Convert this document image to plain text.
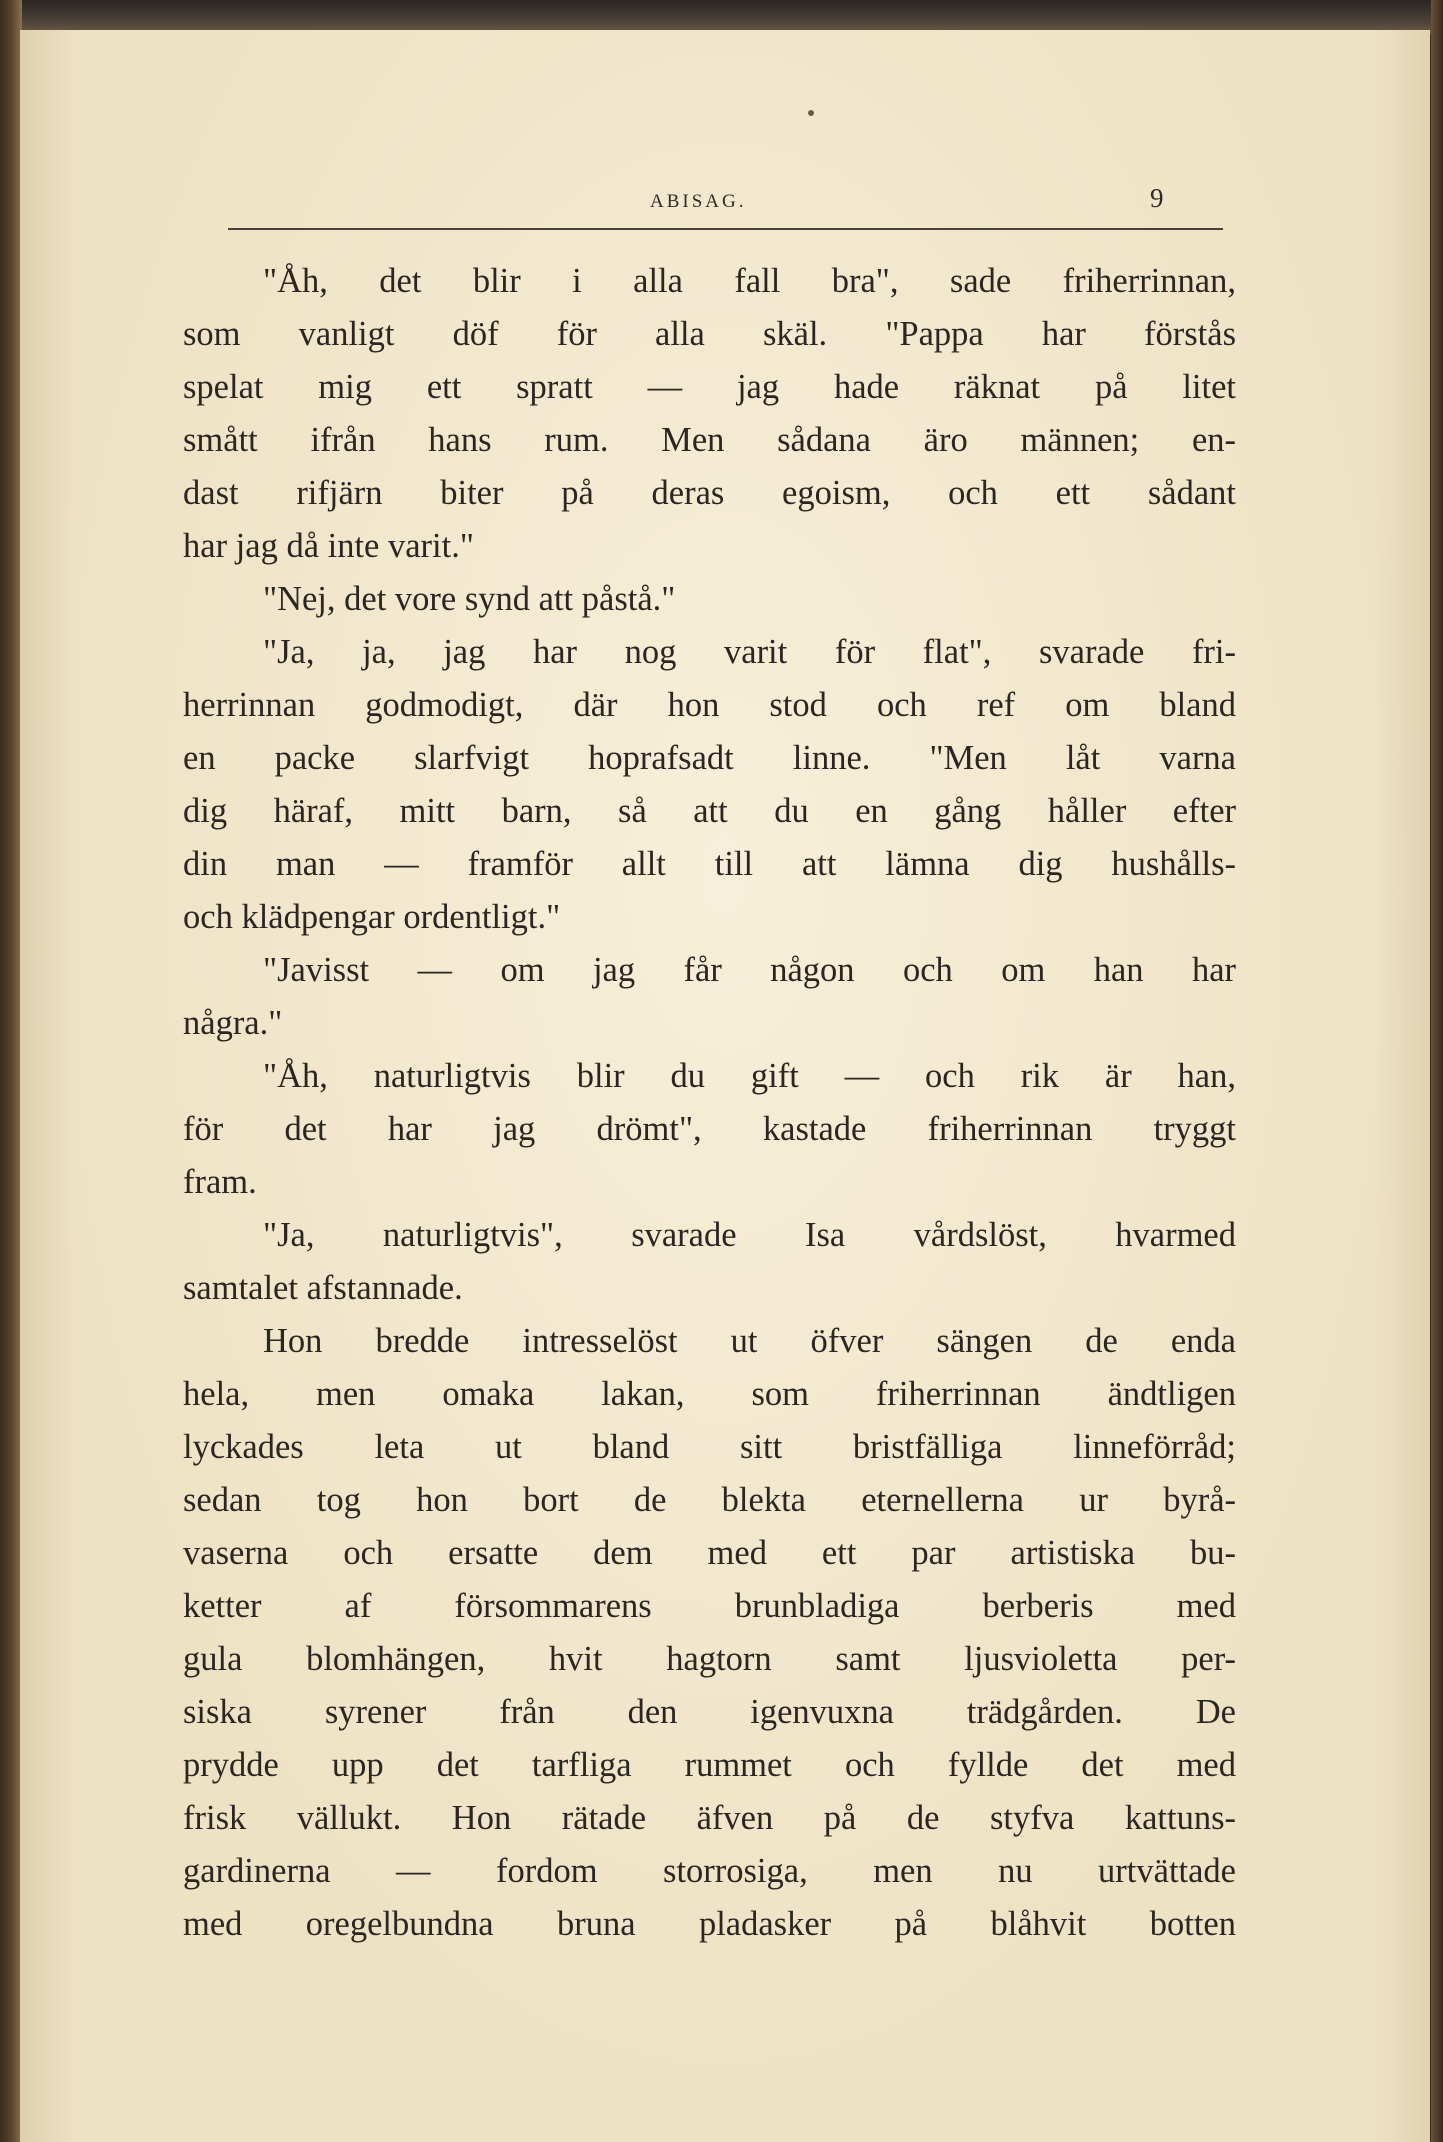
ABISAG.	9
"Åh, det blir i alla fall bra", sade friherrinnan,
som vanligt döf för alla skäl. "Pappa har förstås
spelat mig ett spratt — jag hade räknat på litet
smått ifrån hans rum. Men sådana äro männen; en-
dast rifjärn biter på deras egoism, och ett sådant
har jag då inte varit."
"Nej, det vore synd att påstå."
"Ja, ja, jag har nog varit för flat", svarade fri-
herrinnan godmodigt, där hon stod och ref om bland
en packe slarfvigt hoprafsadt linne. "Men låt varna
dig häraf, mitt barn, så att du en gång håller efter
din man — framför allt till att lämna dig hushålls-
och klädpengar ordentligt."
"Javisst — om jag får någon och om han har
några."
"Åh, naturligtvis blir du gift — och rik är han,
för det har jag drömt", kastade friherrinnan tryggt
fram.
"Ja, naturligtvis", svarade Isa vårdslöst, hvarmed
samtalet afstannade.
Hon bredde intresselöst ut öfver sängen de enda
hela, men omaka lakan, som friherrinnan ändtligen
lyckades leta ut bland sitt bristfälliga linneförråd;
sedan tog hon bort de blekta eternellerna ur byrå-
vaserna och ersatte dem med ett par artistiska bu-
ketter af försommarens brunbladiga berberis med
gula blomhängen, hvit hagtorn samt ljusvioletta per-
siska syrener från den igenvuxna trädgården. De
prydde upp det tarfliga rummet och fyllde det med
frisk vällukt. Hon rätade äfven på de styfva kattuns-
gardinerna — fordom storrosiga, men nu urtvättade
med oregelbundna bruna pladasker på blåhvit botten
